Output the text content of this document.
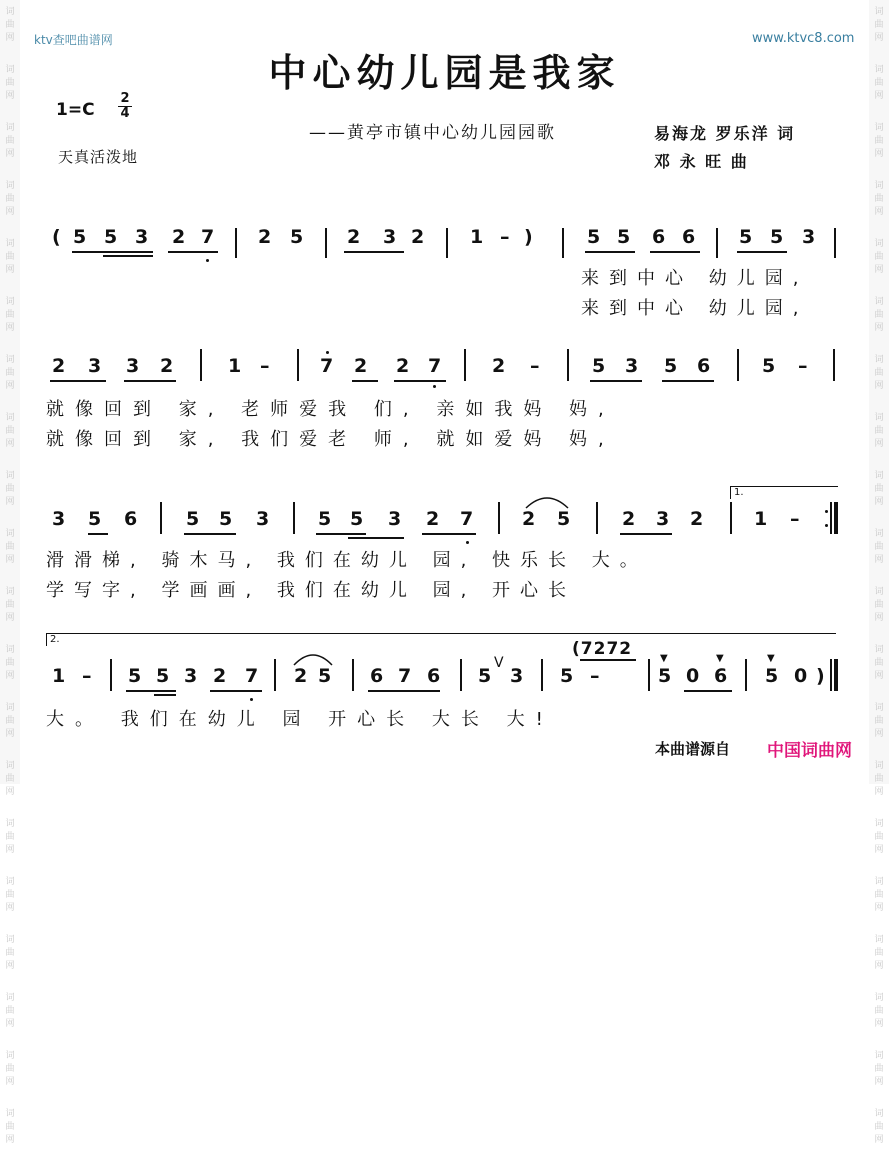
词
曲
网
词
曲
网
词
曲
网
词
曲
网
词
曲
网
词
曲
网
词
曲
网
词
曲
网
词
曲
网
词
曲
网
词
曲
网
词
曲
网
词
曲
网
词
曲
网
词
曲
网
词
曲
网
词
曲
网
词
曲
网
词
曲
网
词
曲
网
词
曲
网
词
曲
网
词
曲
网
词
曲
网
词
曲
网
词
曲
网
词
曲
网
词
曲
网
词
曲
网
词
曲
网
词
曲
网
词
曲
网
词
曲
网
词
曲
网
词
曲
网
词
曲
网
词
曲
网
词
曲
网
词
曲
网
词
曲
网
ktv查吧曲谱网	www.ktvc8.com
中心幼儿园是我家
——黄亭市镇中心幼儿园园歌
1=C
2
4
天真活泼地
易海龙 罗乐洋 词
邓 永 旺 曲
( 5 5 3 2 7 2 5 2 3 2 1 – )	5 5 6 6 5 5 3
来到中心 幼儿园,
来到中心 幼儿园,
2 3 3 2	1 –	7 2 2 7	2 –	5 3 5 6	5 –
就像回到 家, 老师爱我 们, 亲如我妈 妈,
就像回到 家, 我们爱老 师, 就如爱妈 妈,
3 5 6	5 5 3	5 5 3 2 7	2 5	2 3 2	1 –
1.
滑滑梯, 骑木马, 我们在幼儿 园, 快乐长 大。
学写字, 学画画, 我们在幼儿 园, 开心长
2.
1 – 5 5 3 2 7 2 5 6 7 6 5
V
3 5
(7272
–	5 0 6 5 0 )
▼	▼	▼
大。 我们在幼儿 园 开心长 大长 大!
本曲谱源自 中国词曲网
